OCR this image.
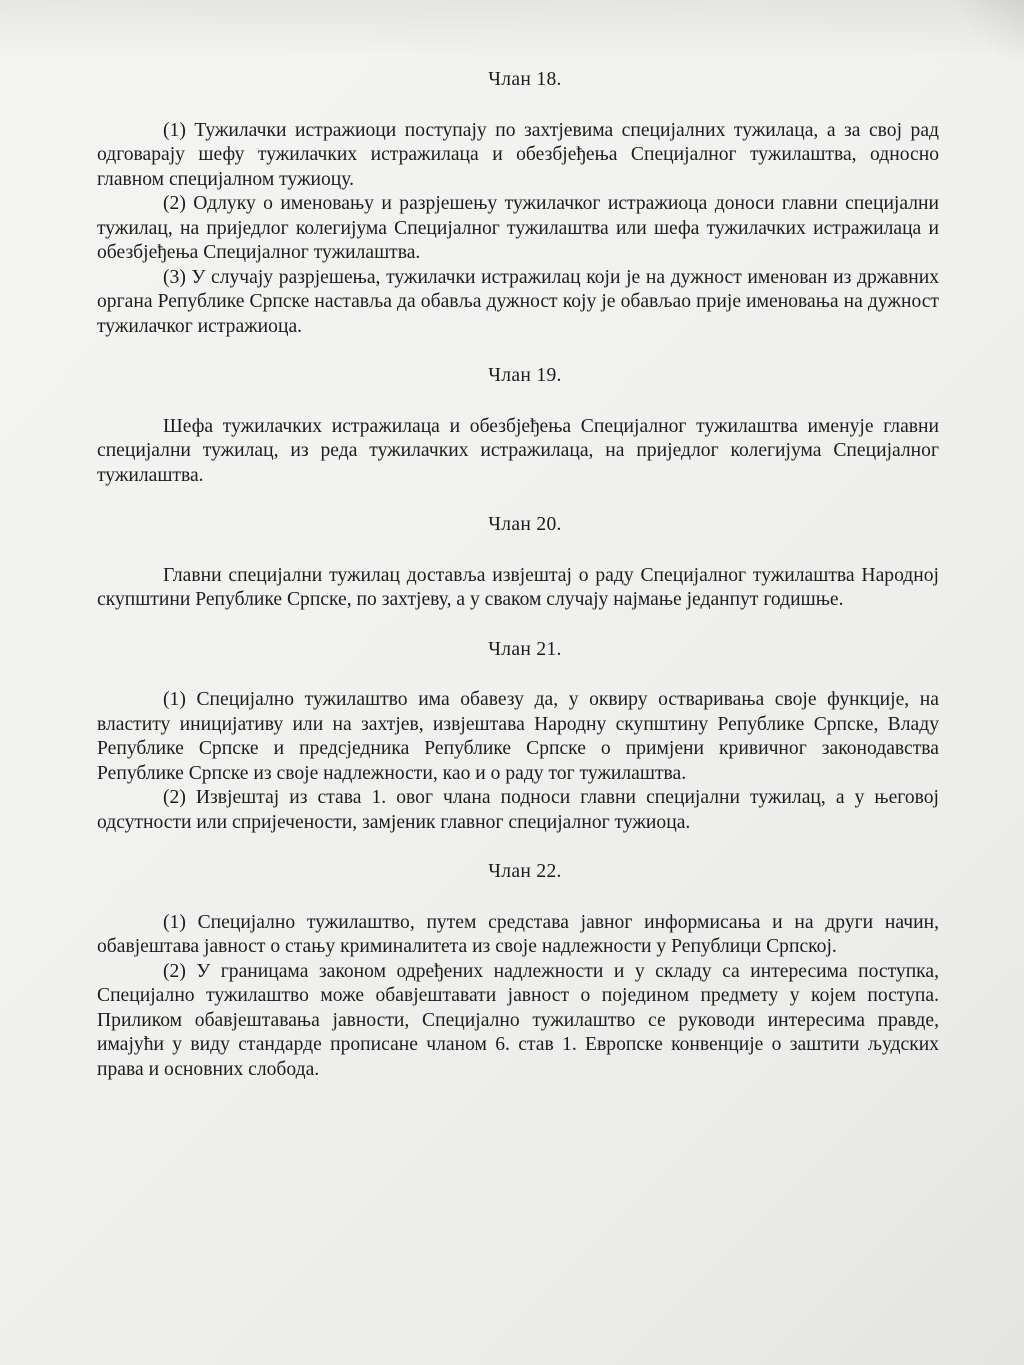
Члан 18.

(1) Тужилачки истражиоци поступају по захтјевима специјалних тужилаца, а за свој рад одговарају шефу тужилачких истражилаца и обезбјеђења Специјалног тужилаштва, односно главном специјалном тужиоцу.

(2) Одлуку о именовању и разрјешењу тужилачког истражиоца доноси главни специјални тужилац, на приједлог колегијума Специјалног тужилаштва или шефа тужилачких истражилаца и обезбјеђења Специјалног тужилаштва.

(3) У случају разрјешења, тужилачки истражилац који је на дужност именован из државних органа Републике Српске наставља да обавља дужност коју је обављао прије именовања на дужност тужилачког истражиоца.

Члан 19.

Шефа тужилачких истражилаца и обезбјеђења Специјалног тужилаштва именује главни специјални тужилац, из реда тужилачких истражилаца, на приједлог колегијума Специјалног тужилаштва.

Члан 20.

Главни специјални тужилац доставља извјештај о раду Специјалног тужилаштва Народној скупштини Републике Српске, по захтјеву, а у сваком случају најмање једанпут годишње.

Члан 21.

(1) Специјално тужилаштво има обавезу да, у оквиру остваривања своје функције, на властиту иницијативу или на захтјев, извјештава Народну скупштину Републике Српске, Владу Републике Српске и предсједника Републике Српске о примјени кривичног законодавства Републике Српске из своје надлежности, као и о раду тог тужилаштва.

(2) Извјештај из става 1. овог члана подноси главни специјални тужилац, а у његовој одсутности или спријечености, замјеник главног специјалног тужиоца.

Члан 22.

(1) Специјално тужилаштво, путем средстава јавног информисања и на други начин, обавјештава јавност о стању криминалитета из своје надлежности у Републици Српској.

(2) У границама законом одређених надлежности и у складу са интересима поступка, Специјално тужилаштво може обавјештавати јавност о појединoм предмету у којем поступа. Приликом обавјештавања јавности, Специјално тужилаштво се руководи интересима правде, имајући у виду стандарде прописане чланом 6. став 1. Европске конвенције о заштити људских права и основних слобода.
